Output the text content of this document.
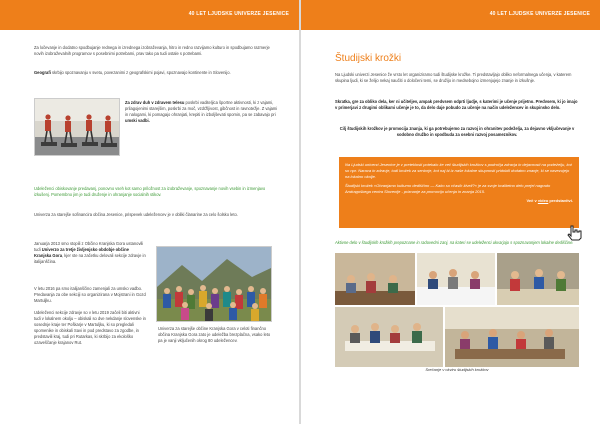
40 LET LJUDSKE UNIVERZE JESENICE
Za ločevanje in dodatno spodbujanje rednega in izrednega izobraževanja, hitro in redno razvijamo kulturo in spodbujamo razmerje novih izobraževalnih programov s posebnimi potrebami, prav tako pa tudi ostale s potrebami.
Geografi skrbijo spoznavanju v svetu, povezanimi z geografskimi pojavi, spoznavajo kontinente in Slovenijo.
Za zdrav duh v zdravem telesu poskrbi vaditeljica športne aktivnosti, ki z vajami, prilagojenimi starejšim, poskrbi za moč, vzdržljivost, gibčnost in ravnotežje. Z vajami in nalogami, ki pomagajo ohranjati, krepiti in izboljševati spomin, pa se zabavajo pri umski vadbi.
Udeleženci obiskovanje predavanj, ponovno vseh kot samo priložnost za izobraževanje, spoznavanje novih vsebin in izmenjavo izkušenj. Pomembno jim je tudi druženje in ohranjanje socialnih stikov.
Univerza za starejše sofinancira občina Jesenice, prispevek udeležencev je v obliki članarine za celo šolsko leto.
Januarja 2013 smo stopili z Občino Kranjska Gora ustanovili tudi Univerzo za tretje življenjsko obdobje občine Kranjska Gora, kjer ste na začetku delovali sekcije zdravje in italijanščina.
V letu 2016 pa smo italijanščino zamenjali za umsko vadbo. Predavanja za obe sekciji so organizirana v Mojstrani in Gozd Martuljku.
Udeleženci sekcije zdravje so v letu 2019 začeli biti aktivni tudi v lokalnem okolju – obiskali so dve nekdanje slovenske in sosednje kraje ter Poškarje v Martuljku, ki so pregledali spomenike in obiskali Savi in pod predstavo za zgodbe, in predstavili kraj, tudi pri Rutarkas, ki skrbijo za ekološko ozaveščanje krajanov Rut.
Univerza za starejše občine Kranjska Gora v celoti finančno občina Kranjska Gora zato je udeležba brezplačna, vsako leto pa je vanji vključenih okrog 80 udeležencev.
40 LET LJUDSKE UNIVERZE JESENICE
Študijski krožki
Na Ljudski univerzi Jesenice že vrsto let organiziramo tudi študijske krožke. Ti predstavljajo obliko neformalnega učenja, v katerem skupina ljudi, ki se želijo nekaj naučiti o določeni temi, se družijo in medsebojno izmenjujejo znanje in izkušnje.
Skratka, gre za obliko dela, ker ni učiteljev, ampak predvsem odprti ljudje, s katerimi je učenje prijetno. Predvsem, ki jo imajo v primerjavi z drugimi oblikami učenje je to, da delo daje pobudo za učenje na način udeležencev in skupinsko delo.
Cilj študijskih krožkov je promocija znanja, ki ga potrebujemo za razvoj in ohranitev podeželja, za dejavno vključevanje v sodobno družbo in spodbuda za osebni razvoj posameznikov.

Na Ljudski univerzi Jesenice je v preteklosti potekalo že več študijskih krožkov s področja zdravja in dejavnosti na podeželju, kot so npr. Narava in zdravje, tudi krožek za seniorje, kot naj bi iz naše lokalne skupnosti pridobili dodatno znanje, ki se navezujejo na lokalno okolje.

Študijski krožek »Ohranjamo kulturno dediščino — Kako so včasih živeli?« je za svoje kvalitetno delo prejel nagrado Andragoškega centra Slovenije - priznanje za promocijo učenja in znanja 2015.

Več v video predstavitvi.

Aktivne delo v študijskih krožkih prepoznane in radovedni zanj, na kateri se udeleženci ukvarjajo s spoznavanjem lokalne dediščine.
Srečanje v okviru študijskih krožkov
